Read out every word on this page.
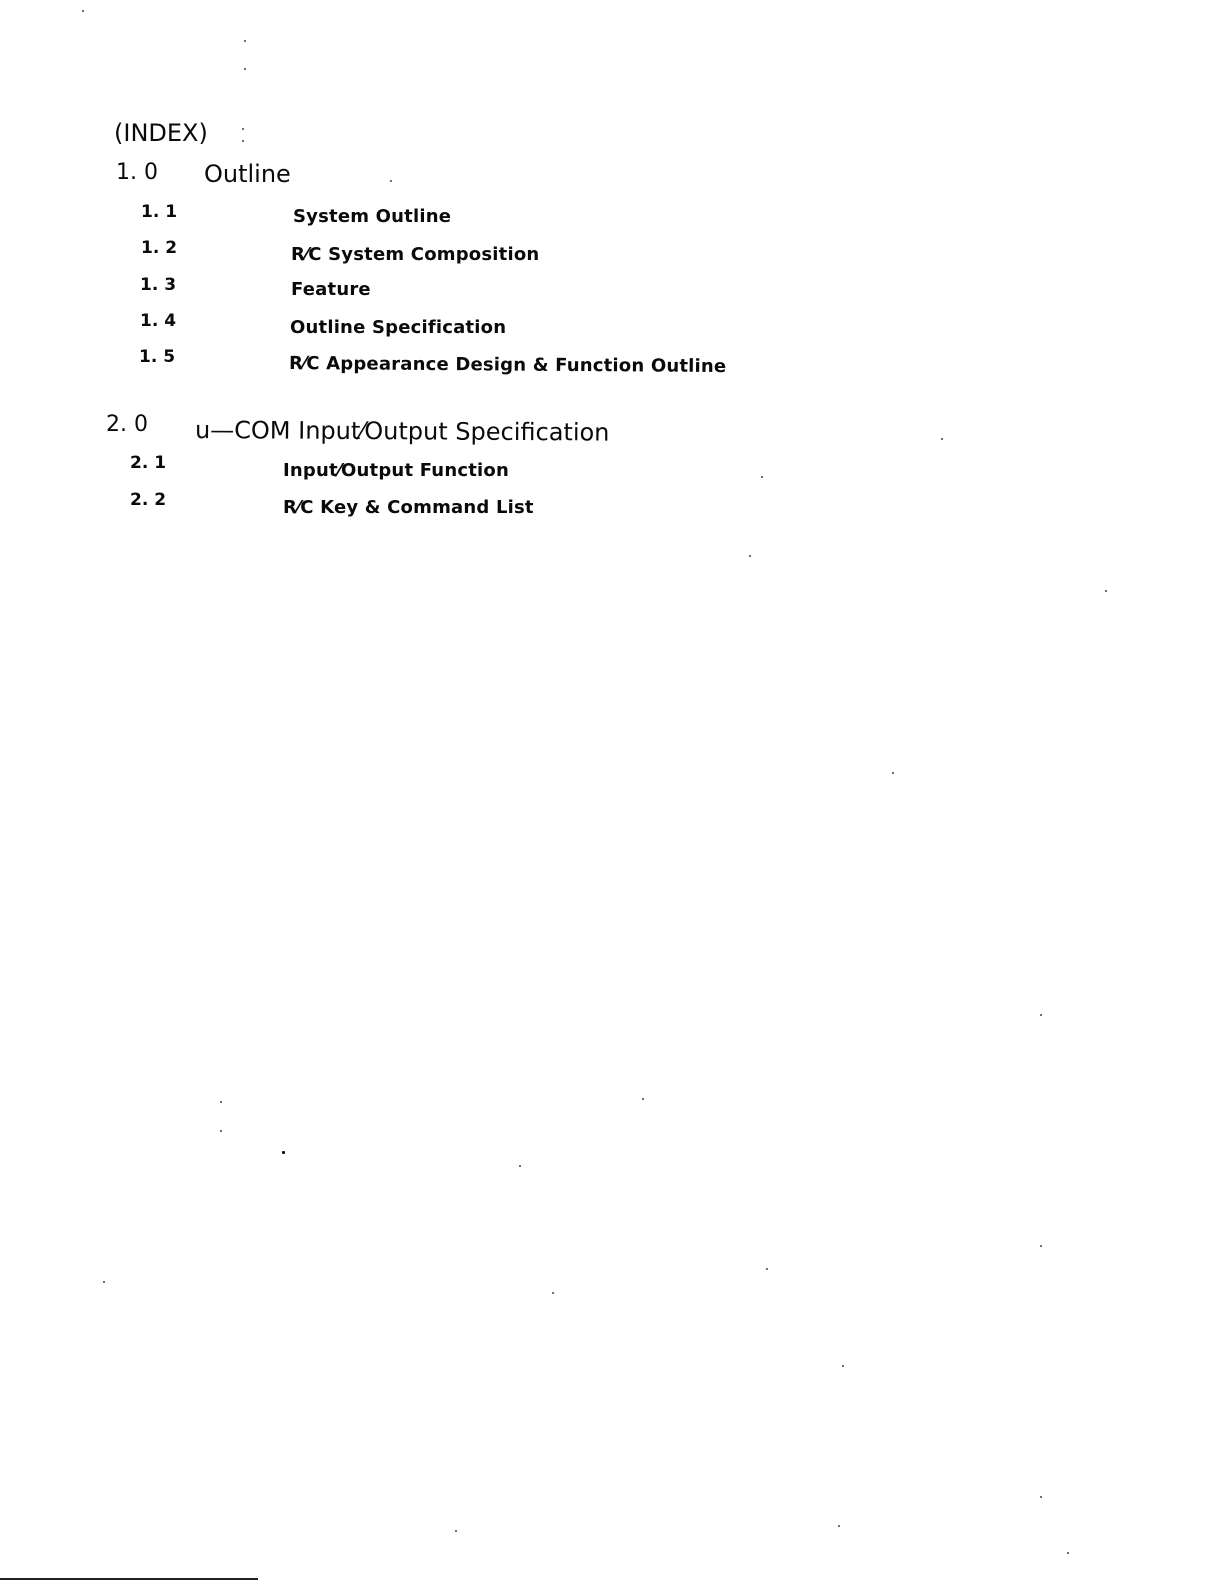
(INDEX)
1. 0 Outline
1. 1	System Outline
1. 2	R⁄C System Composition
1. 3	Feature
1. 4	Outline Specification
1. 5	R⁄C Appearance Design & Function Outline
2. 0 u—COM Input⁄Output Specification
2. 1	Input⁄Output Function
2. 2	R⁄C Key & Command List
